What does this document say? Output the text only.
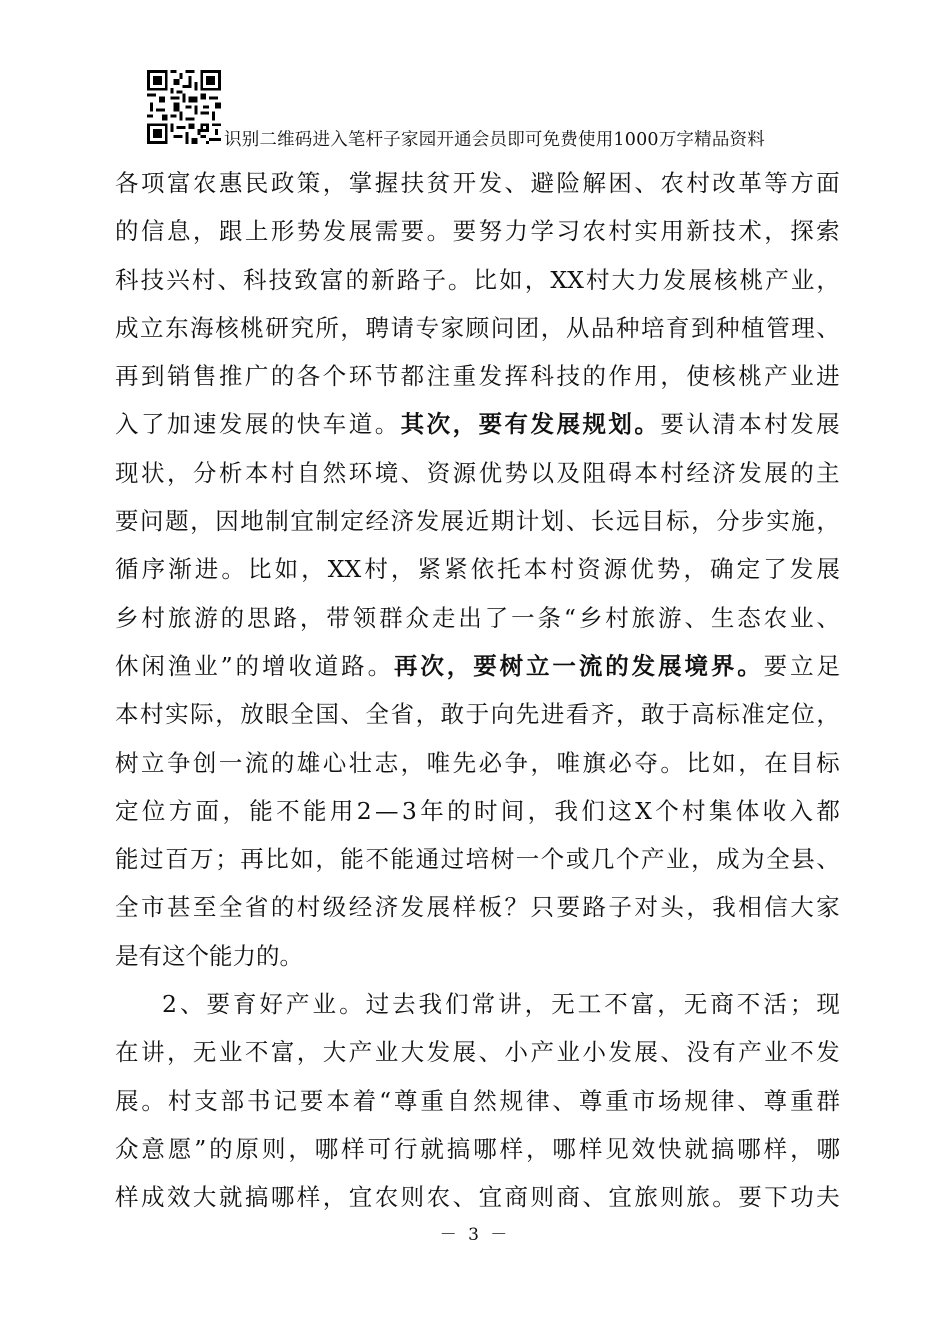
识别二维码进入笔杆子家园开通会员即可免费使用1000万字精品资料
各 项 富 农 惠 民 政 策 ， 掌 握 扶 贫 开 发 、 避 险 解 困 、 农 村 改 革 等 方 面
的 信 息 ， 跟 上 形 势 发 展 需 要 。 要 努 力 学 习 农 村 实 用 新 技 术 ， 探 索
科 技 兴 村 、 科 技 致 富 的 新 路 子 。 比 如 ， XX 村 大 力 发 展 核 桃 产 业 ，
成 立 东 海 核 桃 研 究 所 ， 聘 请 专 家 顾 问 团 ， 从 品 种 培 育 到 种 植 管 理 、
再 到 销 售 推 广 的 各 个 环 节 都 注 重 发 挥 科 技 的 作 用 ， 使 核 桃 产 业 进
入 了 加 速 发 展 的 快 车 道 。 其 次 ， 要 有 发 展 规 划 。 要 认 清 本 村 发 展
现 状 ， 分 析 本 村 自 然 环 境 、 资 源 优 势 以 及 阻 碍 本 村 经 济 发 展 的 主
要 问 题 ， 因 地 制 宜 制 定 经 济 发 展 近 期 计 划 、 长 远 目 标 ， 分 步 实 施 ，
循 序 渐 进 。 比 如 ， XX 村 ， 紧 紧 依 托 本 村 资 源 优 势 ， 确 定 了 发 展
乡 村 旅 游 的 思 路 ， 带 领 群 众 走 出 了 一 条 “ 乡 村 旅 游 、 生 态 农 业 、
休 闲 渔 业 ” 的 增 收 道 路 。 再 次 ， 要 树 立 一 流 的 发 展 境 界 。 要 立 足
本 村 实 际 ， 放 眼 全 国 、 全 省 ， 敢 于 向 先 进 看 齐 ， 敢 于 高 标 准 定 位 ，
树 立 争 创 一 流 的 雄 心 壮 志 ， 唯 先 必 争 ， 唯 旗 必 夺 。 比 如 ， 在 目 标
定 位 方 面 ， 能 不 能 用 2 — 3 年 的 时 间 ， 我 们 这 X 个 村 集 体 收 入 都
能 过 百 万 ； 再 比 如 ， 能 不 能 通 过 培 树 一 个 或 几 个 产 业 ， 成 为 全 县 、
全 市 甚 至 全 省 的 村 级 经 济 发 展 样 板 ？ 只 要 路 子 对 头 ， 我 相 信 大 家
是 有 这 个 能 力 的 。
2 、 要 育 好 产 业 。 过 去 我 们 常 讲 ， 无 工 不 富 ， 无 商 不 活 ； 现
在 讲 ， 无 业 不 富 ， 大 产 业 大 发 展 、 小 产 业 小 发 展 、 没 有 产 业 不 发
展 。 村 支 部 书 记 要 本 着 “ 尊 重 自 然 规 律 、 尊 重 市 场 规 律 、 尊 重 群
众 意 愿 ” 的 原 则 ， 哪 样 可 行 就 搞 哪 样 ， 哪 样 见 效 快 就 搞 哪 样 ， 哪
样 成 效 大 就 搞 哪 样 ， 宜 农 则 农 、 宜 商 则 商 、 宜 旅 则 旅 。 要 下 功 夫
－ 3 －
